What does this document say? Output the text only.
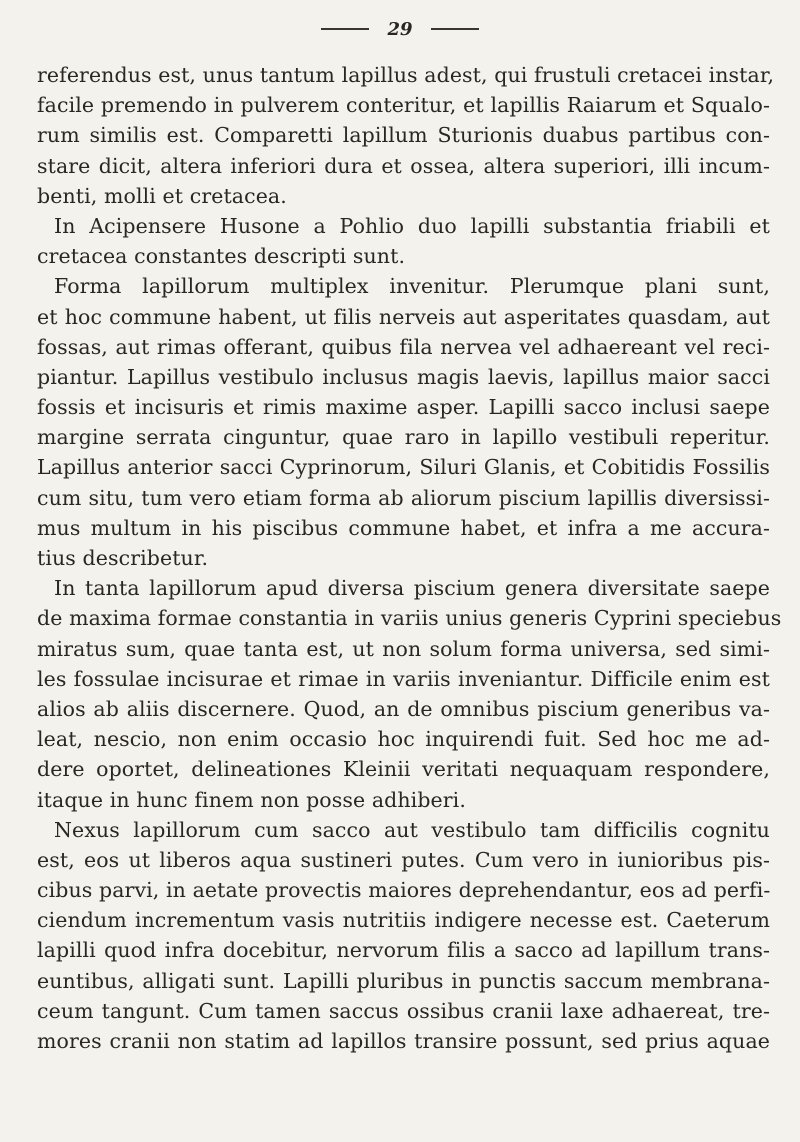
29
referendus est, unus tantum lapillus adest, qui frustuli cretacei instar,
facile premendo in pulverem conteritur, et lapillis Raiarum et Squalo-
rum similis est. Comparetti lapillum Sturionis duabus partibus con-
stare dicit, altera inferiori dura et ossea, altera superiori, illi incum-
benti, molli et cretacea.
In Acipensere Husone a Pohlio duo lapilli substantia friabili et
cretacea constantes descripti sunt.
Forma lapillorum multiplex invenitur. Plerumque plani sunt,
et hoc commune habent, ut filis nerveis aut asperitates quasdam, aut
fossas, aut rimas offerant, quibus fila nervea vel adhaereant vel reci-
piantur. Lapillus vestibulo inclusus magis laevis, lapillus maior sacci
fossis et incisuris et rimis maxime asper. Lapilli sacco inclusi saepe
margine serrata cinguntur, quae raro in lapillo vestibuli reperitur.
Lapillus anterior sacci Cyprinorum, Siluri Glanis, et Cobitidis Fossilis
cum situ, tum vero etiam forma ab aliorum piscium lapillis diversissi-
mus multum in his piscibus commune habet, et infra a me accura-
tius describetur.
In tanta lapillorum apud diversa piscium genera diversitate saepe
de maxima formae constantia in variis unius generis Cyprini speciebus
miratus sum, quae tanta est, ut non solum forma universa, sed simi-
les fossulae incisurae et rimae in variis inveniantur. Difficile enim est
alios ab aliis discernere. Quod, an de omnibus piscium generibus va-
leat, nescio, non enim occasio hoc inquirendi fuit. Sed hoc me ad-
dere oportet, delineationes Kleinii veritati nequaquam respondere,
itaque in hunc finem non posse adhiberi.
Nexus lapillorum cum sacco aut vestibulo tam difficilis cognitu
est, eos ut liberos aqua sustineri putes. Cum vero in iunioribus pis-
cibus parvi, in aetate provectis maiores deprehendantur, eos ad perfi-
ciendum incrementum vasis nutritiis indigere necesse est. Caeterum
lapilli quod infra docebitur, nervorum filis a sacco ad lapillum trans-
euntibus, alligati sunt. Lapilli pluribus in punctis saccum membrana-
ceum tangunt. Cum tamen saccus ossibus cranii laxe adhaereat, tre-
mores cranii non statim ad lapillos transire possunt, sed prius aquae
